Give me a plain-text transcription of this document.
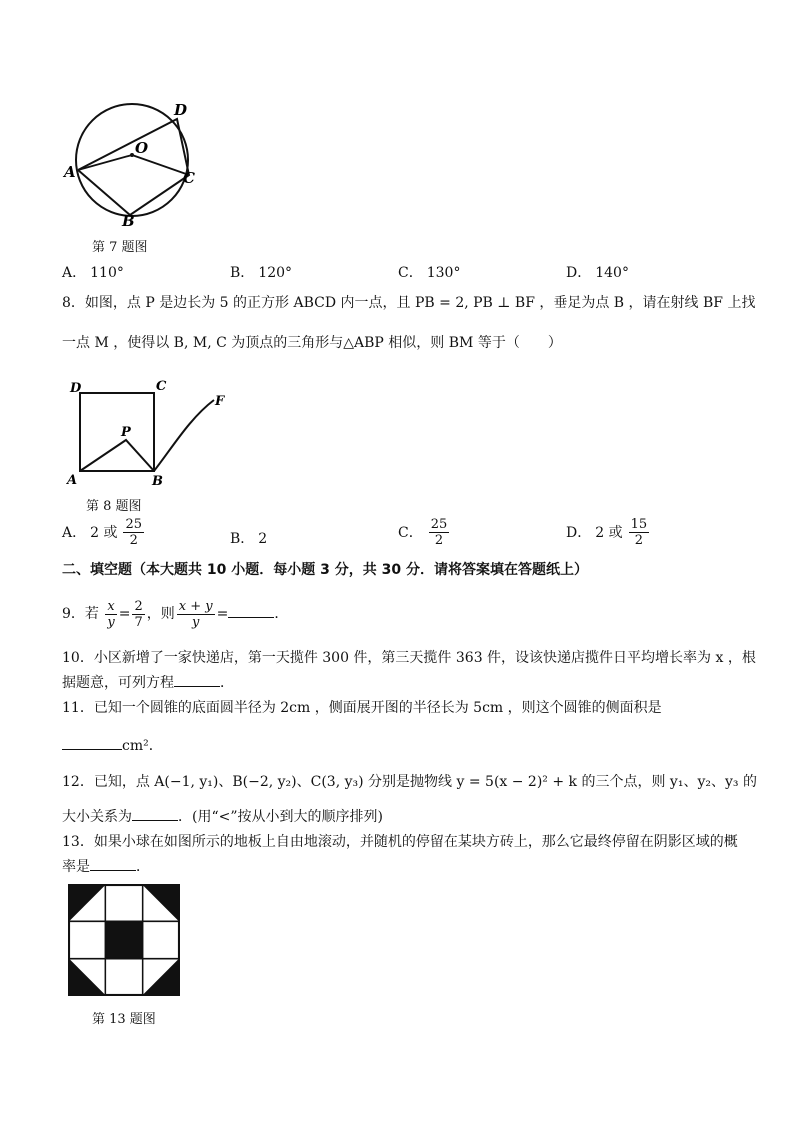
D
O
A	C
B
第 7 题图
A． 110°	B． 120°	C． 130°	D． 140°
8．如图，点 P 是边长为 5 的正方形 ABCD 内一点，且 PB = 2, PB ⊥ BF ，垂足为点 B ，请在射线 BF 上找
一点 M ，使得以 B, M, C 为顶点的三角形与△ABP 相似，则 BM 等于（　　）
D	C
P
F
A	B
第 8 题图
A． 2 或 $\frac{25}{2}$	B． 2	C． $\frac{25}{2}$	D． 2 或 $\frac{15}{2}$
二、填空题（本大题共 10 小题．每小题 3 分，共 30 分．请将答案填在答题纸上）
9．若 $\frac{x}{y} = \frac{2}{7}$ ，则 $\frac{x + y}{y}$ =	．
10．小区新增了一家快递店，第一天揽件 300 件，第三天揽件 363 件，设该快递店揽件日平均增长率为 x ，根
据题意，可列方程	．
11．已知一个圆锥的底面圆半径为 2cm ，侧面展开图的半径长为 5cm ，则这个圆锥的侧面积是
cm²．
12．已知，点 A(−1, y₁)、B(−2, y₂)、C(3, y₃) 分别是抛物线 y = 5(x − 2)² + k 的三个点，则 y₁、y₂、y₃ 的
大小关系为	．(用“<”按从小到大的顺序排列)
13．如果小球在如图所示的地板上自由地滚动，并随机的停留在某块方砖上，那么它最终停留在阴影区域的概
率是	．
第 13 题图
